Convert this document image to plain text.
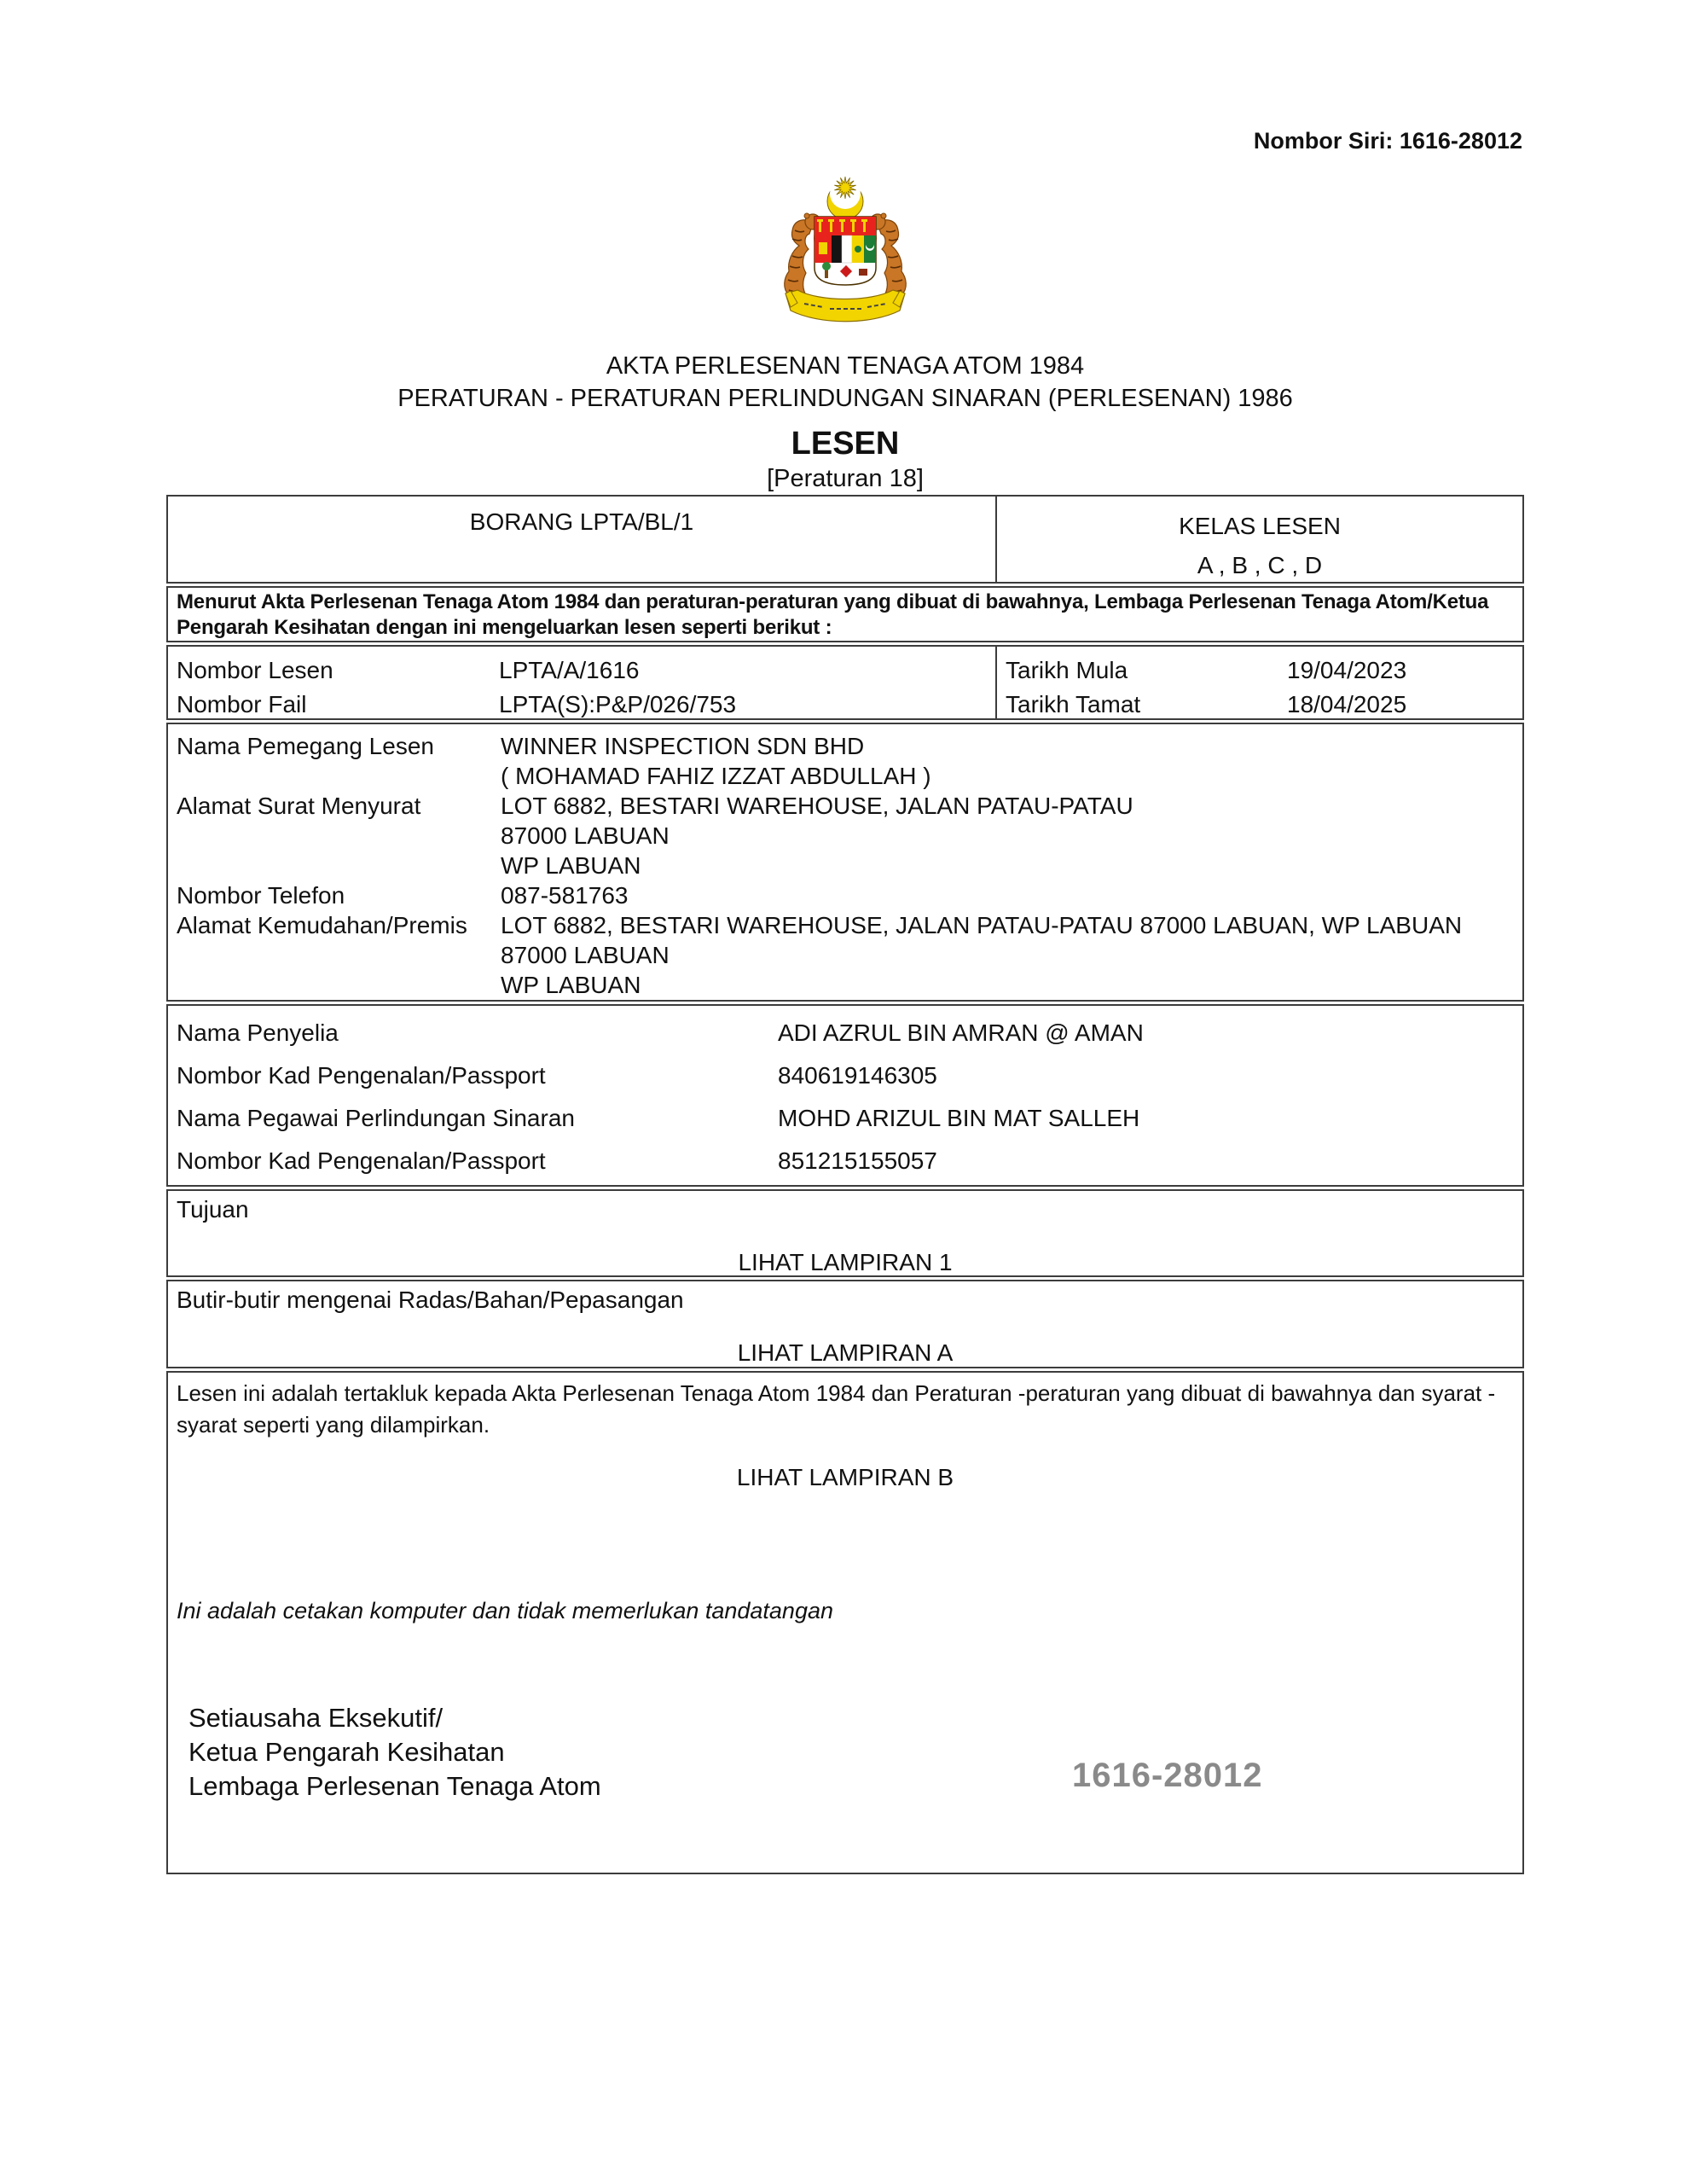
Nombor Siri: 1616-28012
AKTA PERLESENAN TENAGA ATOM 1984
PERATURAN - PERATURAN PERLINDUNGAN SINARAN (PERLESENAN) 1986
LESEN
[Peraturan 18]
BORANG LPTA/BL/1	KELAS LESEN
A , B , C , D

Menurut Akta Perlesenan Tenaga Atom 1984 dan peraturan-peraturan yang dibuat di bawahnya, Lembaga Perlesenan Tenaga Atom/Ketua Pengarah Kesihatan dengan ini mengeluarkan lesen seperti berikut :

Nombor Lesen	LPTA/A/1616
Nombor Fail	LPTA(S):P&P/026/753
Tarikh Mula	19/04/2023
Tarikh Tamat	18/04/2025
Nama Pemegang Lesen	WINNER INSPECTION SDN BHD
( MOHAMAD FAHIZ IZZAT ABDULLAH )
Alamat Surat Menyurat	LOT 6882, BESTARI WAREHOUSE, JALAN PATAU-PATAU
87000 LABUAN
WP LABUAN
Nombor Telefon	087-581763
Alamat Kemudahan/Premis	LOT 6882, BESTARI WAREHOUSE, JALAN PATAU-PATAU 87000 LABUAN, WP LABUAN
87000 LABUAN
WP LABUAN
Nama Penyelia	ADI AZRUL BIN AMRAN @ AMAN
Nombor Kad Pengenalan/Passport	840619146305
Nama Pegawai Perlindungan Sinaran	MOHD ARIZUL BIN MAT SALLEH
Nombor Kad Pengenalan/Passport	851215155057
Tujuan
LIHAT LAMPIRAN 1
Butir-butir mengenai Radas/Bahan/Pepasangan
LIHAT LAMPIRAN A

Lesen ini adalah tertakluk kepada Akta Perlesenan Tenaga Atom 1984 dan Peraturan -peraturan yang dibuat di bawahnya dan syarat - syarat seperti yang dilampirkan.

LIHAT LAMPIRAN B
Ini adalah cetakan komputer dan tidak memerlukan tandatangan
Setiausaha Eksekutif/
Ketua Pengarah Kesihatan
Lembaga Perlesenan Tenaga Atom	1616-28012
